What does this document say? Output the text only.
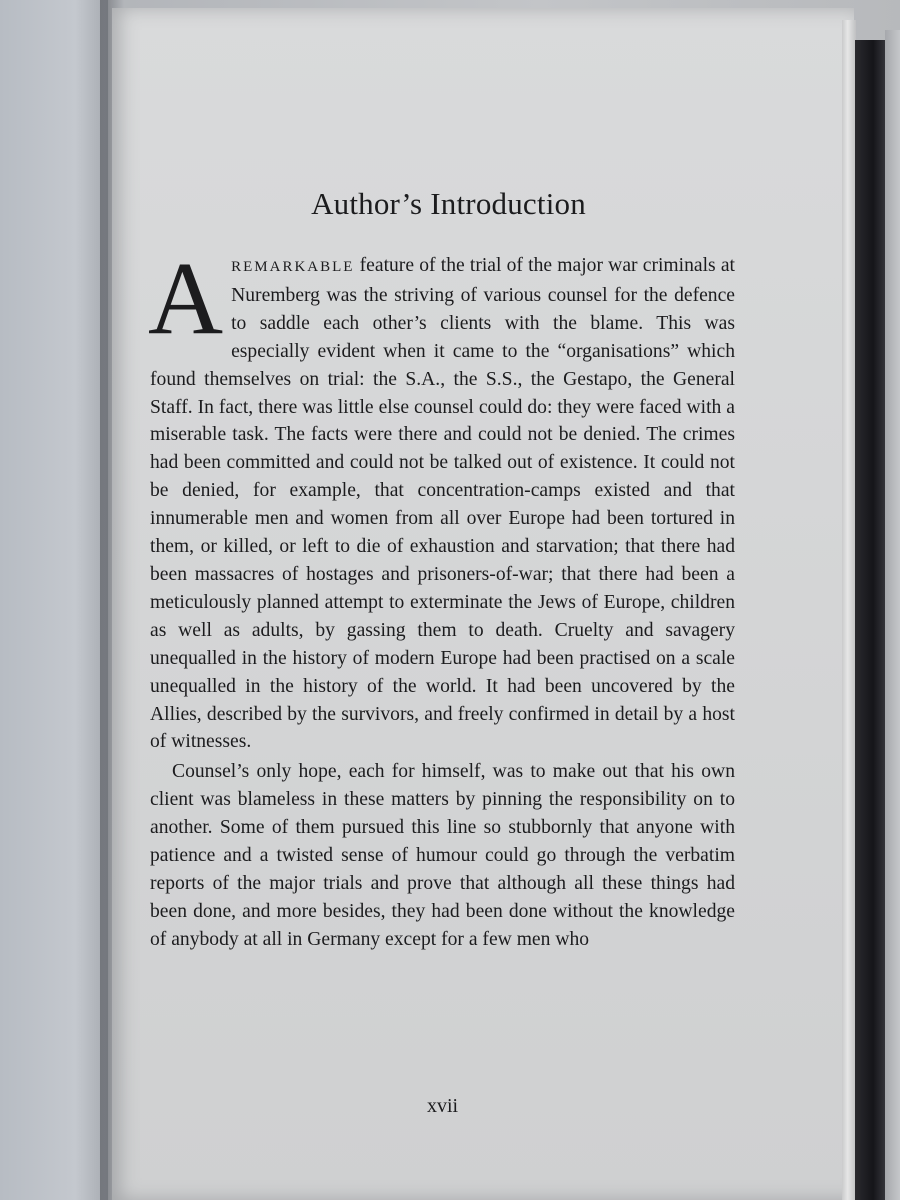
Author’s Introduction

AREMARKABLE feature of the trial of the major war criminals at Nuremberg was the striving of various counsel for the defence to saddle each other’s clients with the blame. This was especially evident when it came to the “organisations” which found themselves on trial: the S.A., the S.S., the Gestapo, the General Staff. In fact, there was little else counsel could do: they were faced with a miserable task. The facts were there and could not be denied. The crimes had been committed and could not be talked out of existence. It could not be denied, for example, that concentration-camps existed and that innumerable men and women from all over Europe had been tortured in them, or killed, or left to die of exhaustion and starvation; that there had been massacres of hostages and prisoners-of-war; that there had been a meticulously planned attempt to exterminate the Jews of Europe, children as well as adults, by gassing them to death. Cruelty and savagery unequalled in the history of modern Europe had been practised on a scale unequalled in the history of the world. It had been uncovered by the Allies, described by the survivors, and freely confirmed in detail by a host of witnesses.

Counsel’s only hope, each for himself, was to make out that his own client was blameless in these matters by pinning the responsibility on to another. Some of them pursued this line so stubbornly that anyone with patience and a twisted sense of humour could go through the verbatim reports of the major trials and prove that although all these things had been done, and more besides, they had been done without the knowledge of anybody at all in Germany except for a few men who

xvii
